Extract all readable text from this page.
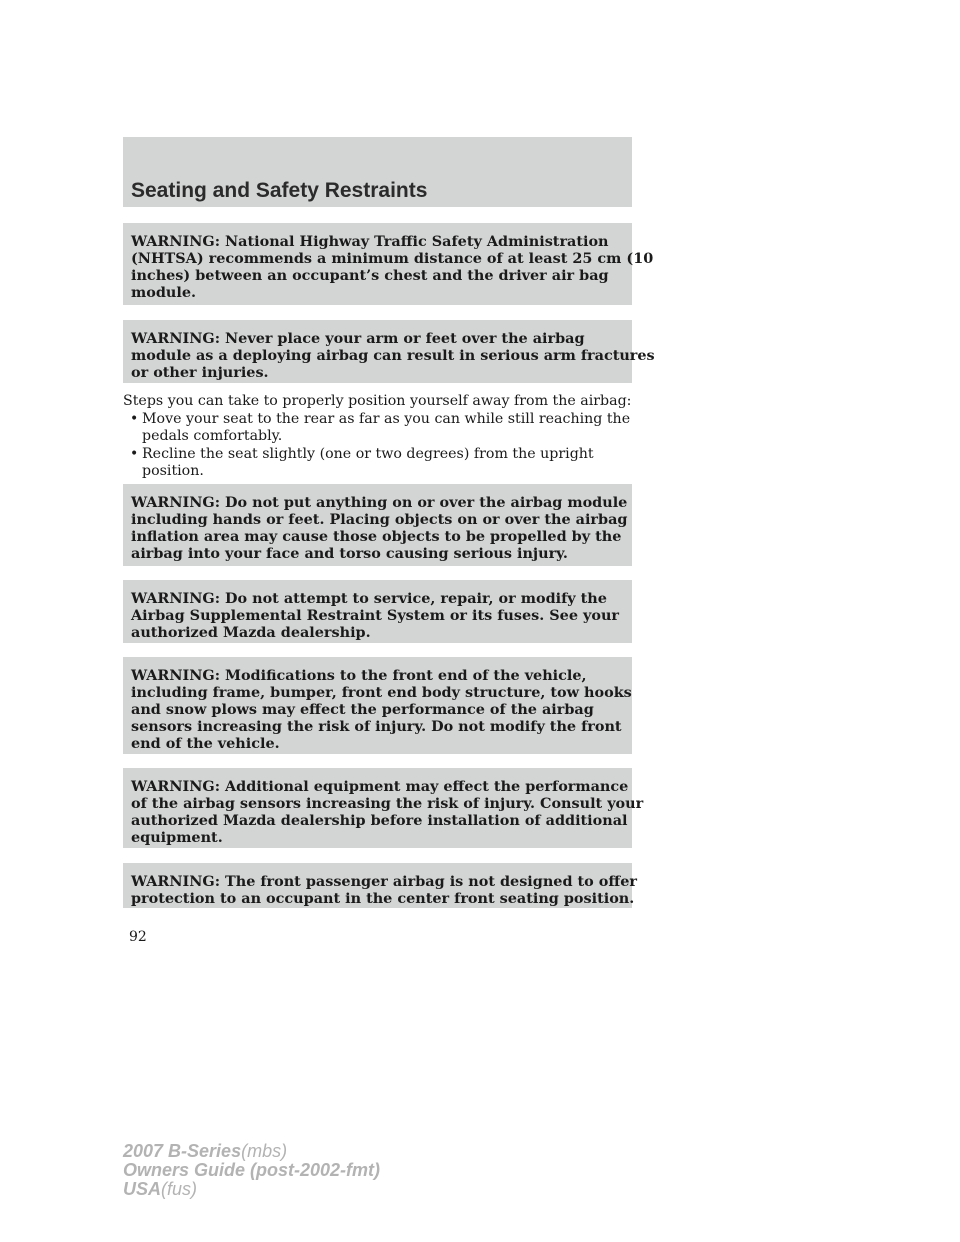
Seating and Safety Restraints
WARNING: National Highway Traffic Safety Administration
(NHTSA) recommends a minimum distance of at least 25 cm (10
inches) between an occupant’s chest and the driver air bag
module.
WARNING: Never place your arm or feet over the airbag
module as a deploying airbag can result in serious arm fractures
or other injuries.
Steps you can take to properly position yourself away from the airbag:
• Move your seat to the rear as far as you can while still reaching the
pedals comfortably.
• Recline the seat slightly (one or two degrees) from the upright
position.
WARNING: Do not put anything on or over the airbag module
including hands or feet. Placing objects on or over the airbag
inflation area may cause those objects to be propelled by the
airbag into your face and torso causing serious injury.
WARNING: Do not attempt to service, repair, or modify the
Airbag Supplemental Restraint System or its fuses. See your
authorized Mazda dealership.
WARNING: Modifications to the front end of the vehicle,
including frame, bumper, front end body structure, tow hooks
and snow plows may effect the performance of the airbag
sensors increasing the risk of injury. Do not modify the front
end of the vehicle.
WARNING: Additional equipment may effect the performance
of the airbag sensors increasing the risk of injury. Consult your
authorized Mazda dealership before installation of additional
equipment.
WARNING: The front passenger airbag is not designed to offer
protection to an occupant in the center front seating position.
92
2007 B-Series(mbs)
Owners Guide (post-2002-fmt)
USA(fus)
